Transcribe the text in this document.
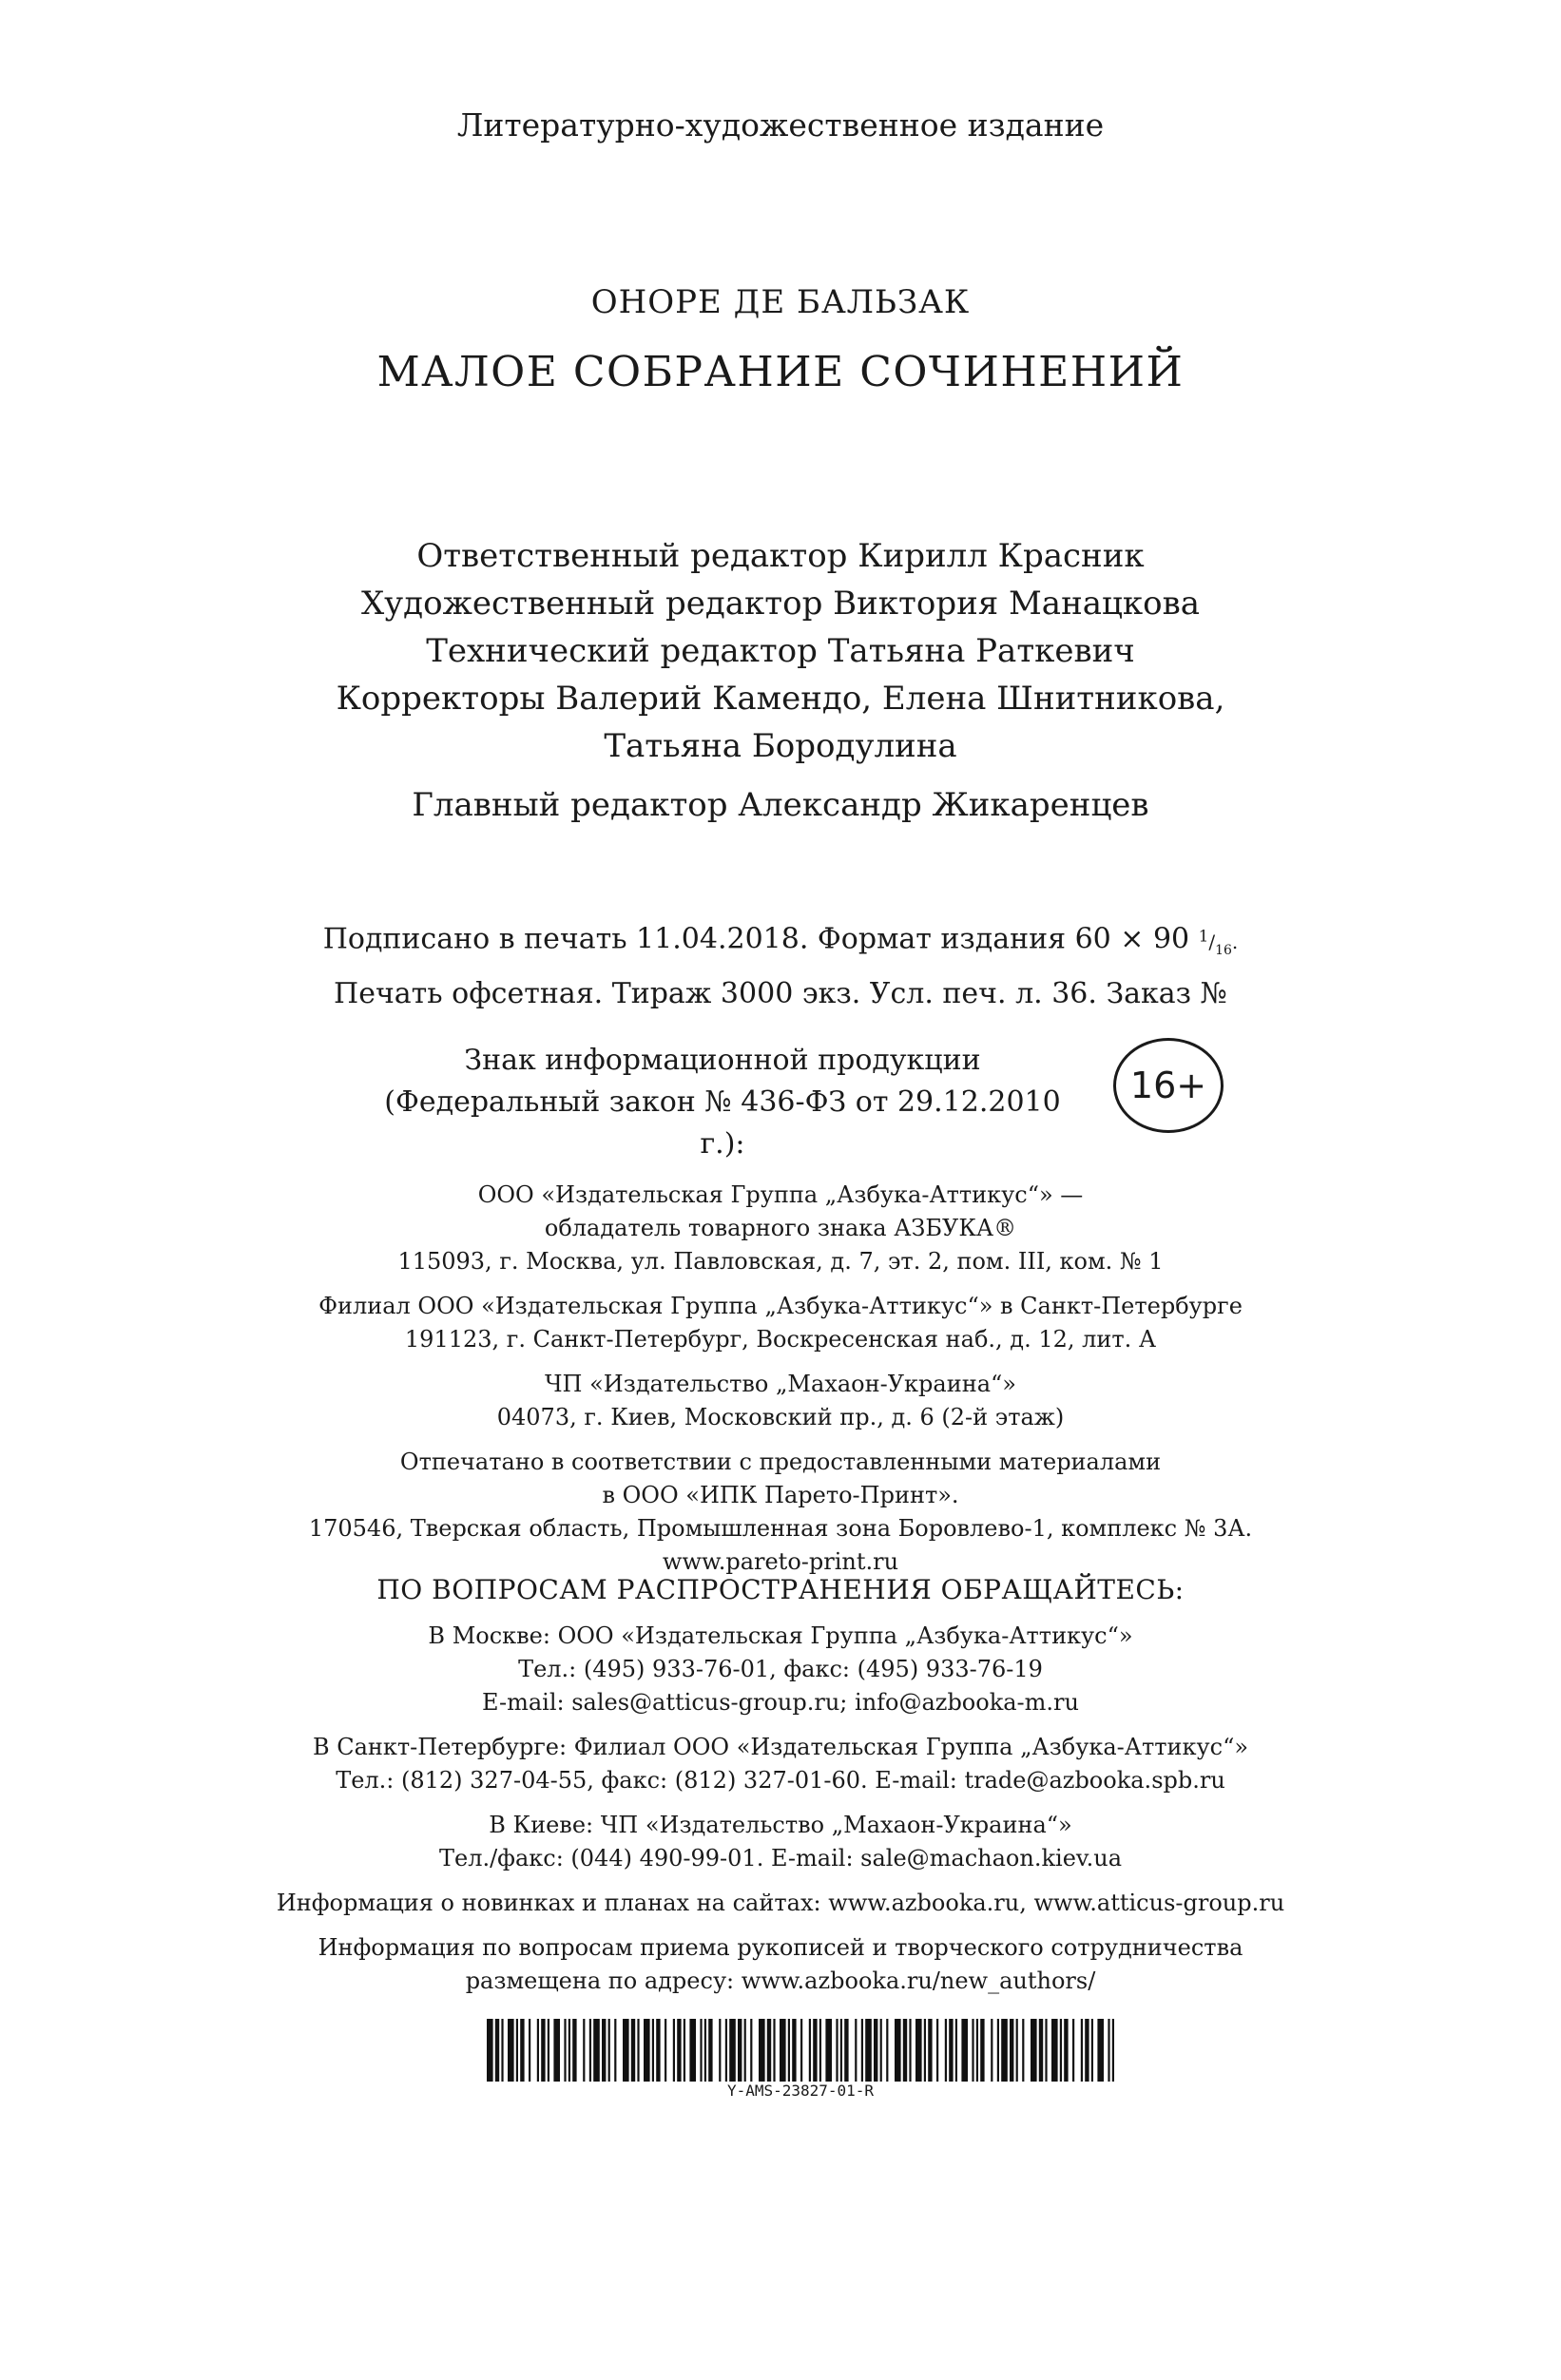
Литературно-художественное издание
ОНОРЕ ДЕ БАЛЬЗАК
МАЛОЕ СОБРАНИЕ СОЧИНЕНИЙ
Ответственный редактор Кирилл Красник
Художественный редактор Виктория Манацкова
Технический редактор Татьяна Раткевич
Корректоры Валерий Камендо, Елена Шнитникова,
Татьяна Бородулина
Главный редактор Александр Жикаренцев
Подписано в печать 11.04.2018. Формат издания 60 × 90 $^1/_{16}$.
Печать офсетная. Тираж 3000 экз. Усл. печ. л. 36. Заказ №
Знак информационной продукции
(Федеральный закон № 436-ФЗ от 29.12.2010 г.):
16+
ООО «Издательская Группа „Азбука-Аттикус“» —
обладатель товарного знака АЗБУКА®
115093, г. Москва, ул. Павловская, д. 7, эт. 2, пом. III, ком. № 1
Филиал ООО «Издательская Группа „Азбука-Аттикус“» в Санкт-Петербурге
191123, г. Санкт-Петербург, Воскресенская наб., д. 12, лит. А
ЧП «Издательство „Махаон-Украина“»
04073, г. Киев, Московский пр., д. 6 (2-й этаж)
Отпечатано в соответствии с предоставленными материалами
в ООО «ИПК Парето-Принт».
170546, Тверская область, Промышленная зона Боровлево-1, комплекс № 3А.
www.pareto-print.ru
ПО ВОПРОСАМ РАСПРОСТРАНЕНИЯ ОБРАЩАЙТЕСЬ:
В Москве: ООО «Издательская Группа „Азбука-Аттикус“»
Тел.: (495) 933-76-01, факс: (495) 933-76-19
E-mail: sales@atticus-group.ru; info@azbooka-m.ru
В Санкт-Петербурге: Филиал ООО «Издательская Группа „Азбука-Аттикус“»
Тел.: (812) 327-04-55, факс: (812) 327-01-60. E-mail: trade@azbooka.spb.ru
В Киеве: ЧП «Издательство „Махаон-Украина“»
Тел./факс: (044) 490-99-01. E-mail: sale@machaon.kiev.ua
Информация о новинках и планах на сайтах: www.azbooka.ru, www.atticus-group.ru
Информация по вопросам приема рукописей и творческого сотрудничества
размещена по адресу: www.azbooka.ru/new_authors/
Y-AMS-23827-01-R
